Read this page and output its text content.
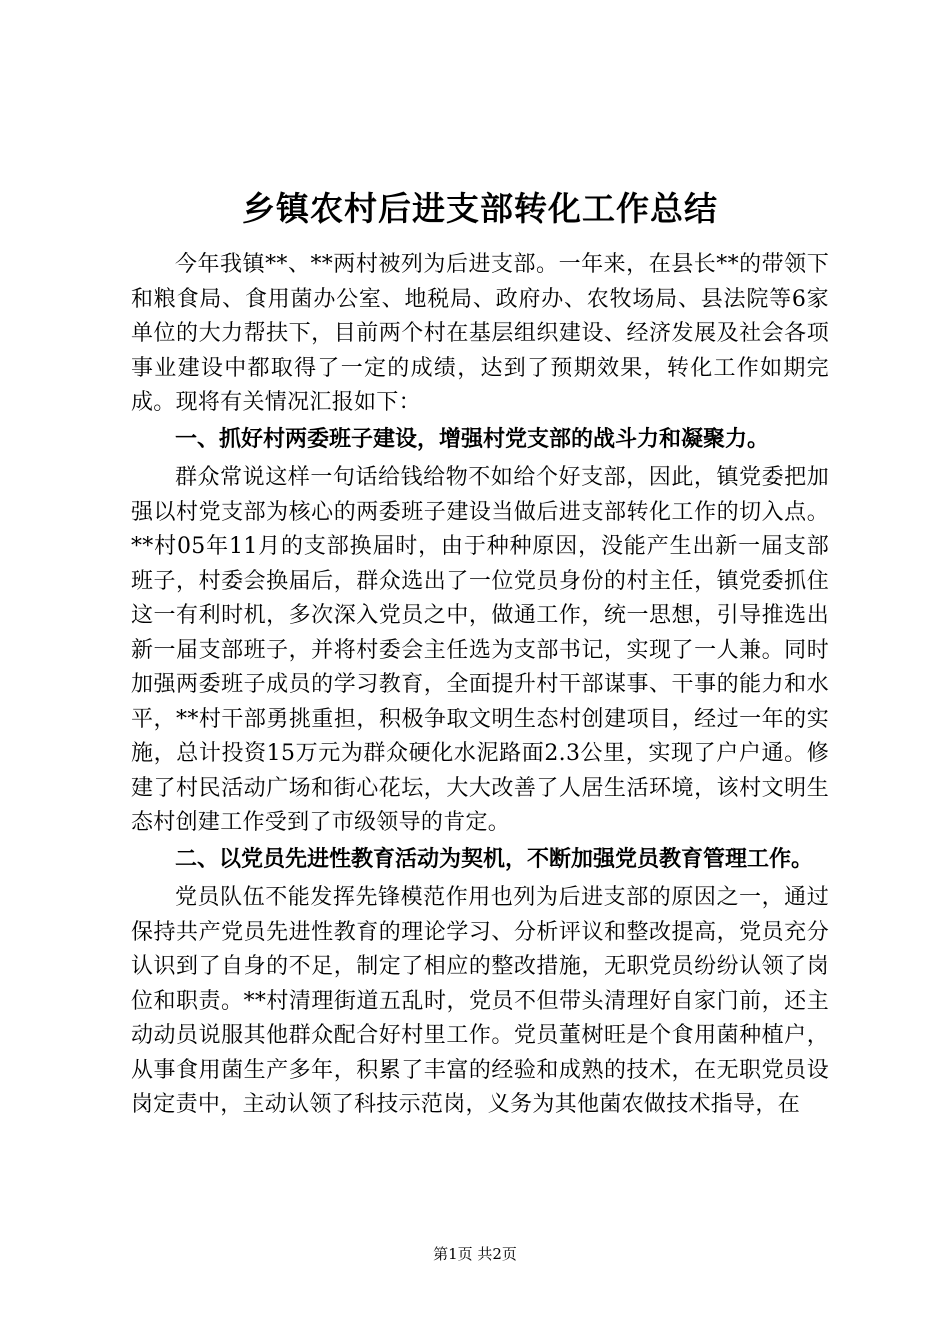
乡镇农村后进支部转化工作总结

今年我镇**、**两村被列为后进支部。一年来，在县长**的带领下和粮食局、食用菌办公室、地税局、政府办、农牧场局、县法院等6家单位的大力帮扶下，目前两个村在基层组织建设、经济发展及社会各项事业建设中都取得了一定的成绩，达到了预期效果，转化工作如期完成。现将有关情况汇报如下：

一、抓好村两委班子建设，增强村党支部的战斗力和凝聚力。

群众常说这样一句话给钱给物不如给个好支部，因此，镇党委把加强以村党支部为核心的两委班子建设当做后进支部转化工作的切入点。**村05年11月的支部换届时，由于种种原因，没能产生出新一届支部班子，村委会换届后，群众选出了一位党员身份的村主任，镇党委抓住这一有利时机，多次深入党员之中，做通工作，统一思想，引导推选出新一届支部班子，并将村委会主任选为支部书记，实现了一人兼。同时加强两委班子成员的学习教育，全面提升村干部谋事、干事的能力和水平，**村干部勇挑重担，积极争取文明生态村创建项目，经过一年的实施，总计投资15万元为群众硬化水泥路面2.3公里，实现了户户通。修建了村民活动广场和街心花坛，大大改善了人居生活环境，该村文明生态村创建工作受到了市级领导的肯定。

二、以党员先进性教育活动为契机，不断加强党员教育管理工作。

党员队伍不能发挥先锋模范作用也列为后进支部的原因之一，通过保持共产党员先进性教育的理论学习、分析评议和整改提高，党员充分认识到了自身的不足，制定了相应的整改措施，无职党员纷纷认领了岗位和职责。**村清理街道五乱时，党员不但带头清理好自家门前，还主动动员说服其他群众配合好村里工作。党员董树旺是个食用菌种植户，从事食用菌生产多年，积累了丰富的经验和成熟的技术，在无职党员设岗定责中，主动认领了科技示范岗，义务为其他菌农做技术指导，在

第1页 共2页
